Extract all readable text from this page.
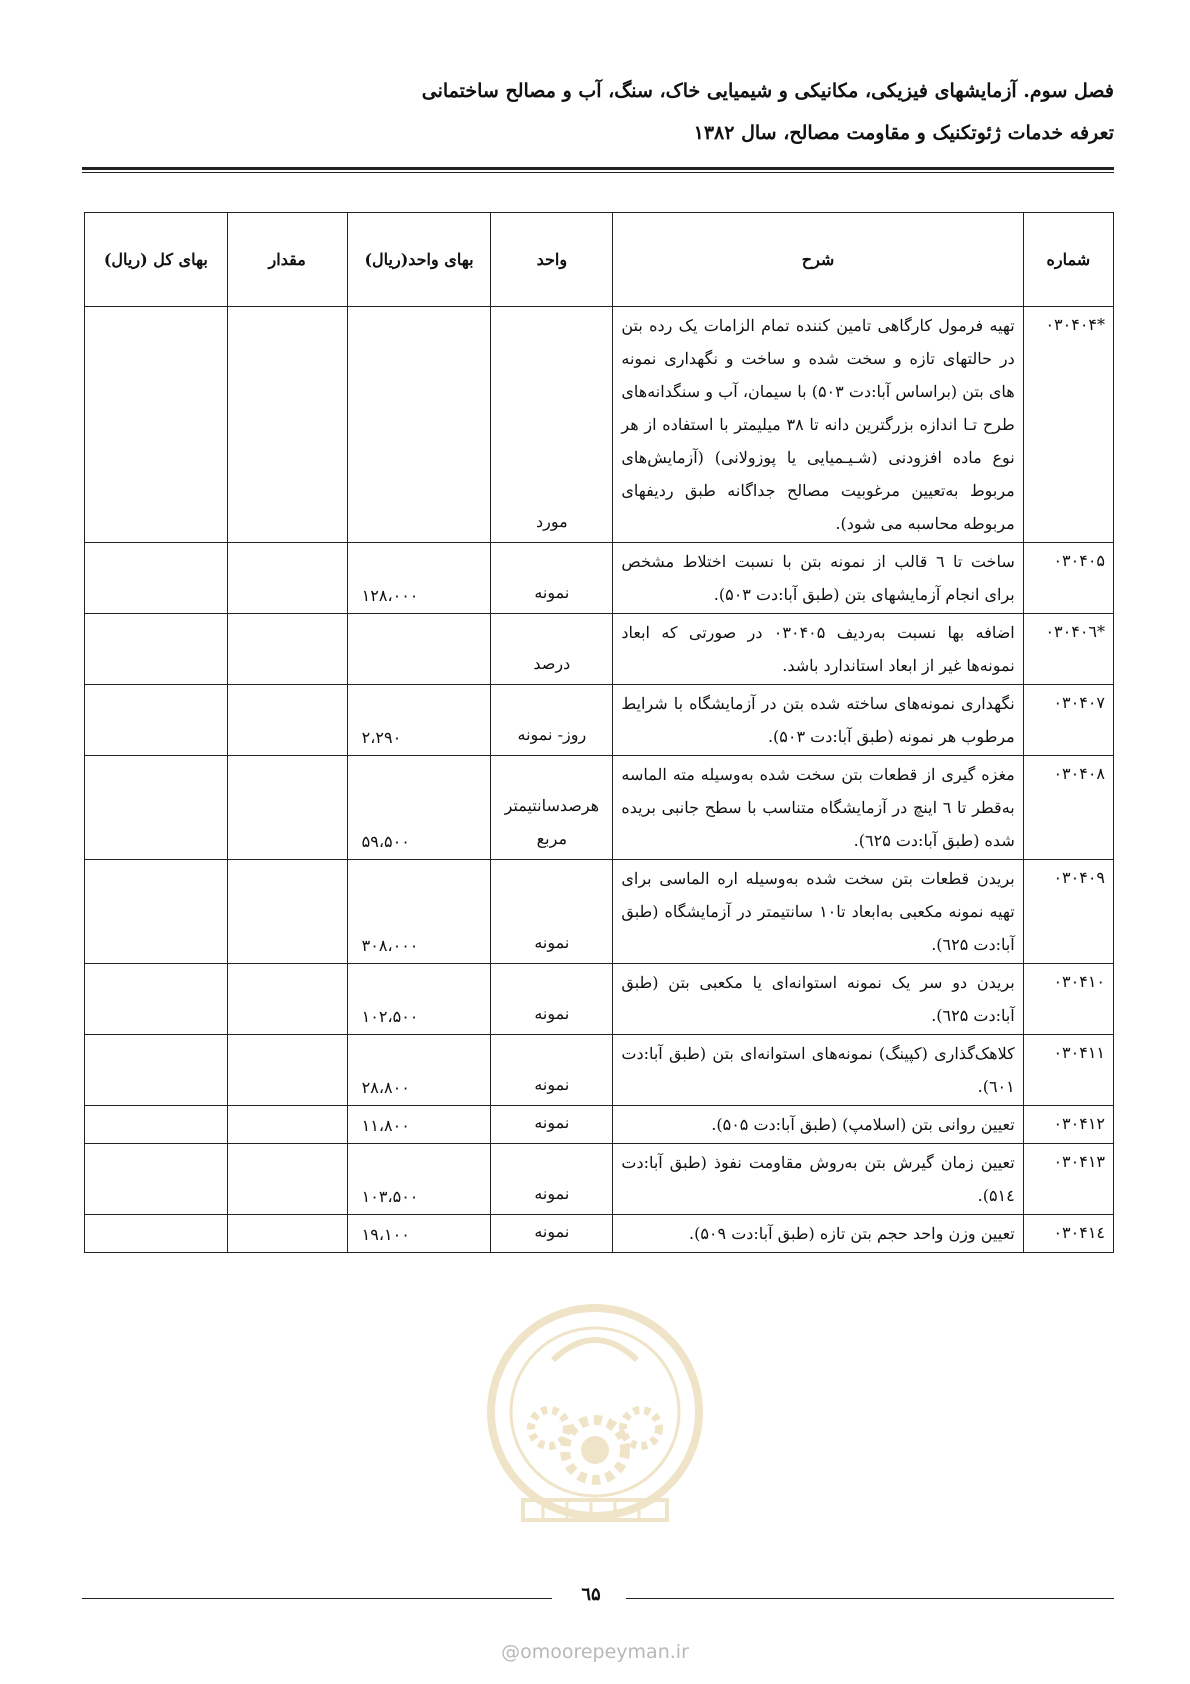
فصل سوم. آزمایشهای فیزیکی، مکانیکی و شیمیایی خاک، سنگ، آب و مصالح ساختمانی
تعرفه خدمات ژئوتکنیک و مقاومت مصالح، سال ۱۳۸۲
شماره	شرح	واحد	بهای واحد(ریال)	مقدار	بهای کل (ریال)
*۰۳۰۴۰۴	تهیه فرمول کارگاهی تامین کننده تمام الزامات یک رده بتن در حالتهای تازه و سخت شده و ساخت و نگهداری نمونه های بتن (براساس آبا:دت ۵۰۳) با سیمان، آب و سنگدانه‌های طرح تـا اندازه بزرگترین دانه تا ۳۸ میلیمتر با استفاده از هر نوع ماده افزودنی (شـیـمیایی یا پوزولانی) (آزمایش‌های مربوط به‌تعیین مرغوبیت مصالح جداگانه طبق ردیفهای مربوطه محاسبه می شود).	مورد			
۰۳۰۴۰۵	ساخت تا ٦ قالب از نمونه بتن با نسبت اختلاط مشخص برای انجام آزمایشهای بتن (طبق آبا:دت ۵۰۳).	نمونه	۱۲۸،۰۰۰		
*۰۳۰۴۰٦	اضافه بها نسبت به‌ردیف ۰۳۰۴۰۵ در صورتی که ابعاد نمونه‌ها غیر از ابعاد استاندارد باشد.	درصد			
۰۳۰۴۰۷	نگهداری نمونه‌های ساخته شده بتن در آزمایشگاه با شرایط مرطوب هر نمونه (طبق آبا:دت ۵۰۳).	روز- نمونه	۲،۲۹۰		
۰۳۰۴۰۸	مغزه گیری از قطعات بتن سخت شده به‌وسیله مته الماسه به‌قطر تا ٦ اینچ در آزمایشگاه متناسب با سطح جانبی بریده شده (طبق آبا:دت ٦۲۵).	هرصدسانتیمتر مربع	۵۹،۵۰۰		
۰۳۰۴۰۹	بریدن قطعات بتن سخت شده به‌وسیله اره الماسی برای تهیه نمونه مکعبی به‌ابعاد تا۱۰ سانتیمتر در آزمایشگاه (طبق آبا:دت ٦۲۵).	نمونه	۳۰۸،۰۰۰		
۰۳۰۴۱۰	بریدن دو سر یک نمونه استوانه‌ای یا مکعبی بتن (طبق آبا:دت ٦۲۵).	نمونه	۱۰۲،۵۰۰		
۰۳۰۴۱۱	کلاهک‌گذاری (کپینگ) نمونه‌های استوانه‌ای بتن (طبق آبا:دت ٦۰۱).	نمونه	۲۸،۸۰۰		
۰۳۰۴۱۲	تعیین روانی بتن (اسلامپ) (طبق آبا:دت ۵۰۵).	نمونه	۱۱،۸۰۰		
۰۳۰۴۱۳	تعیین زمان گیرش بتن به‌روش مقاومت نفوذ (طبق آبا:دت ۵۱٤).	نمونه	۱۰۳،۵۰۰		
۰۳۰۴۱٤	تعیین وزن واحد حجم بتن تازه (طبق آبا:دت ۵۰۹).	نمونه	۱۹،۱۰۰		
٦۵
@omoorepeyman.ir
